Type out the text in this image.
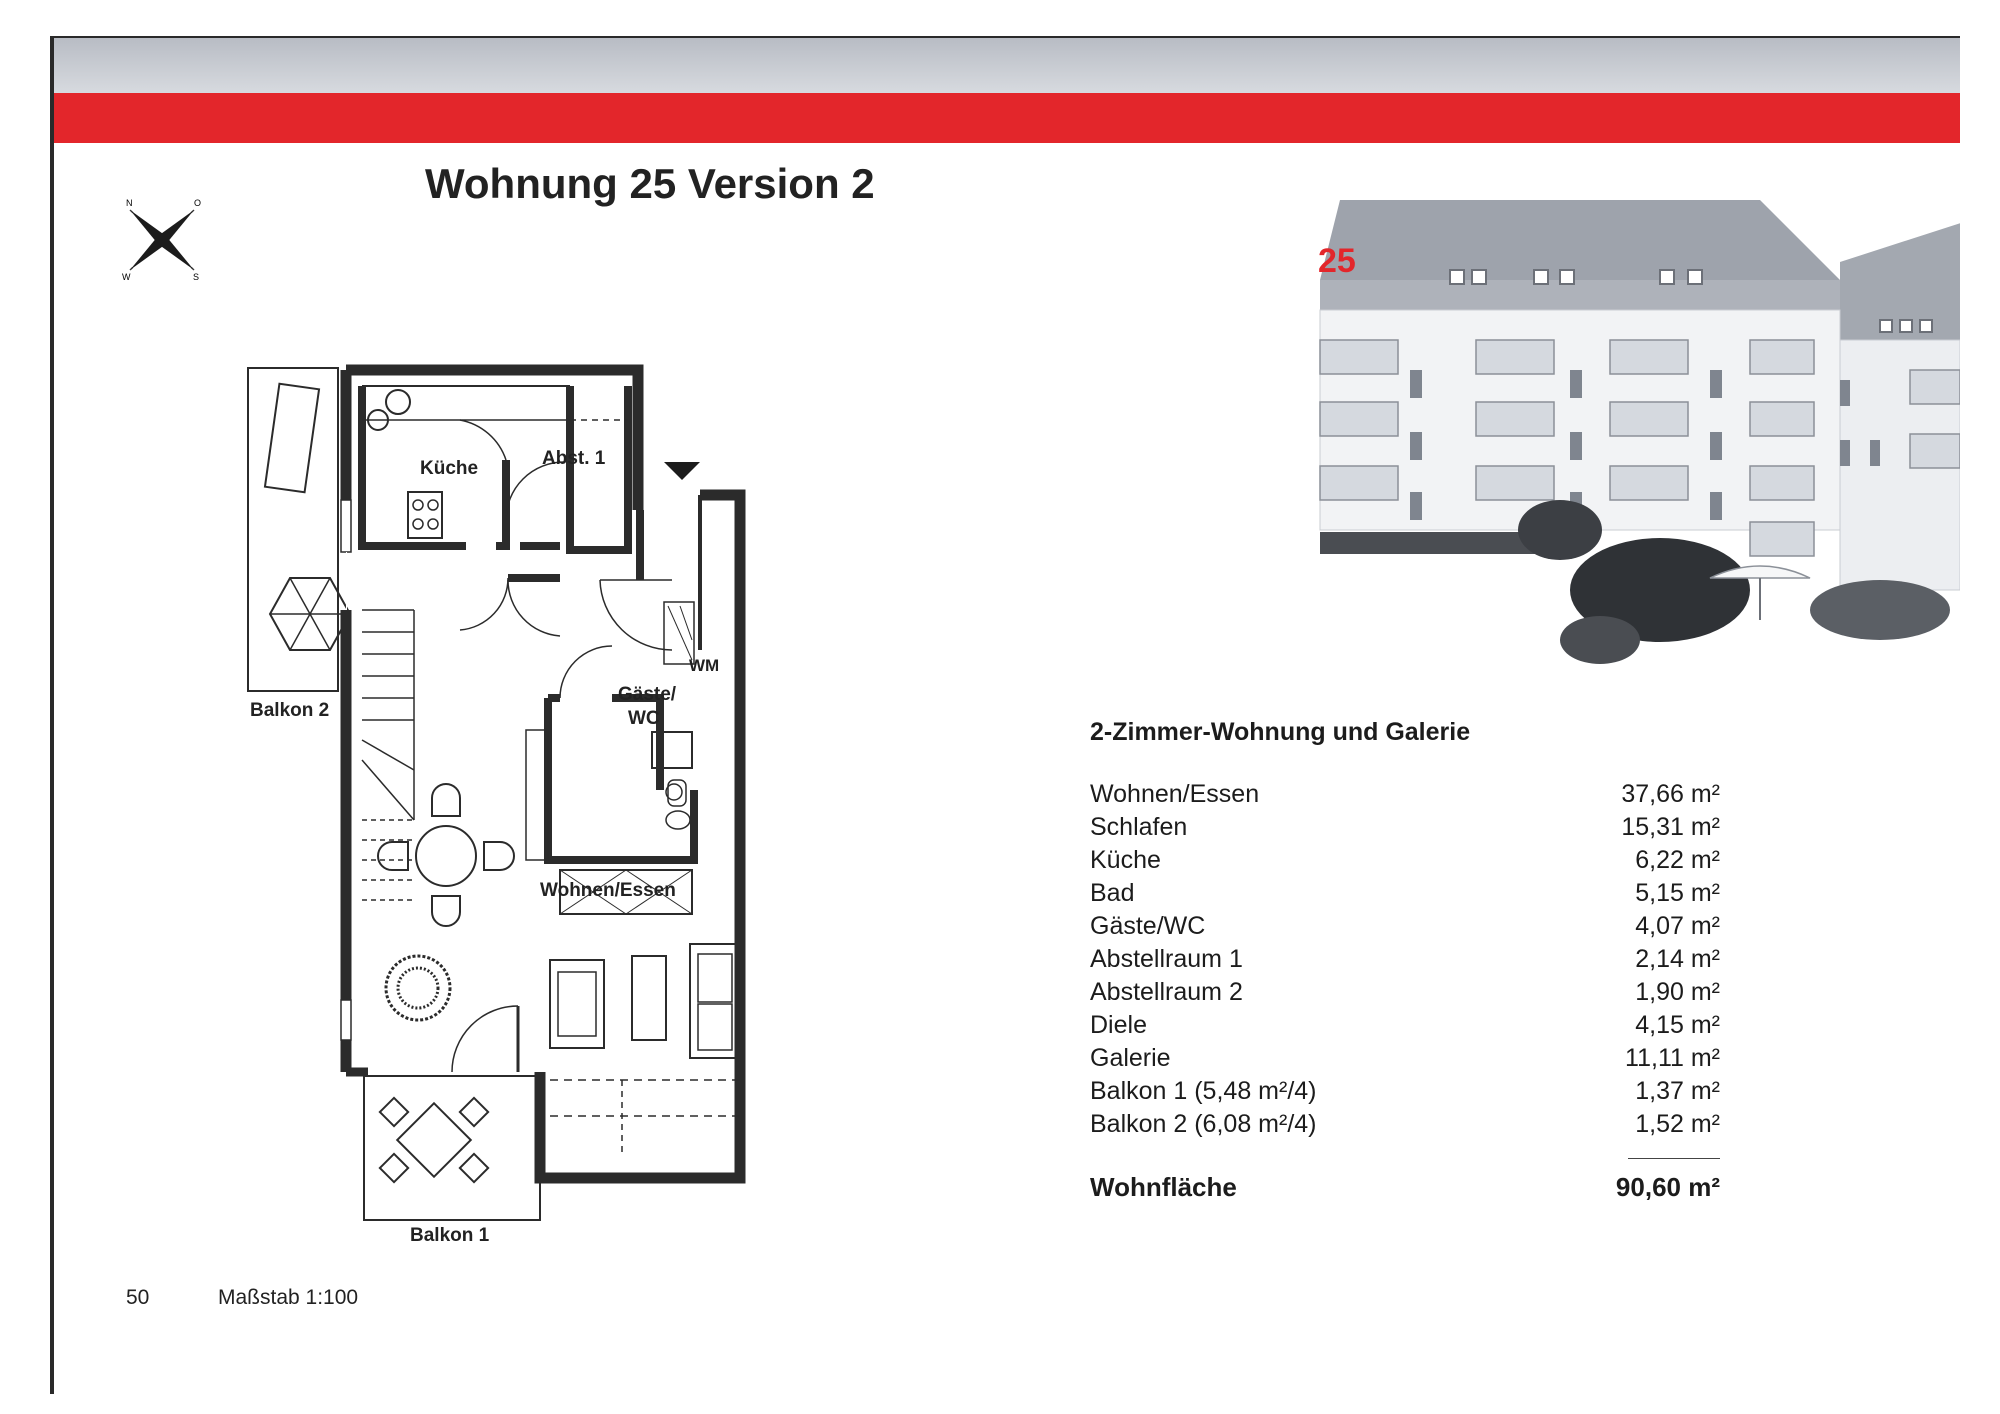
Wohnung 25 Version 2
N	O
W	S
Küche	Abst. 1
WM
Gäste/
WC
Wohnen/Essen
Balkon 1
Balkon 2
25
2-Zimmer-Wohnung und Galerie
Wohnen/Essen	37,66 m²
Schlafen	15,31 m²
Küche	6,22 m²
Bad	5,15 m²
Gäste/WC	4,07 m²
Abstellraum 1	2,14 m²
Abstellraum 2	1,90 m²
Diele	4,15 m²
Galerie	11,11 m²
Balkon 1 (5,48 m²/4)	1,37 m²
Balkon 2 (6,08 m²/4)	1,52 m²
Wohnfläche	90,60 m²
50	Maßstab 1:100
